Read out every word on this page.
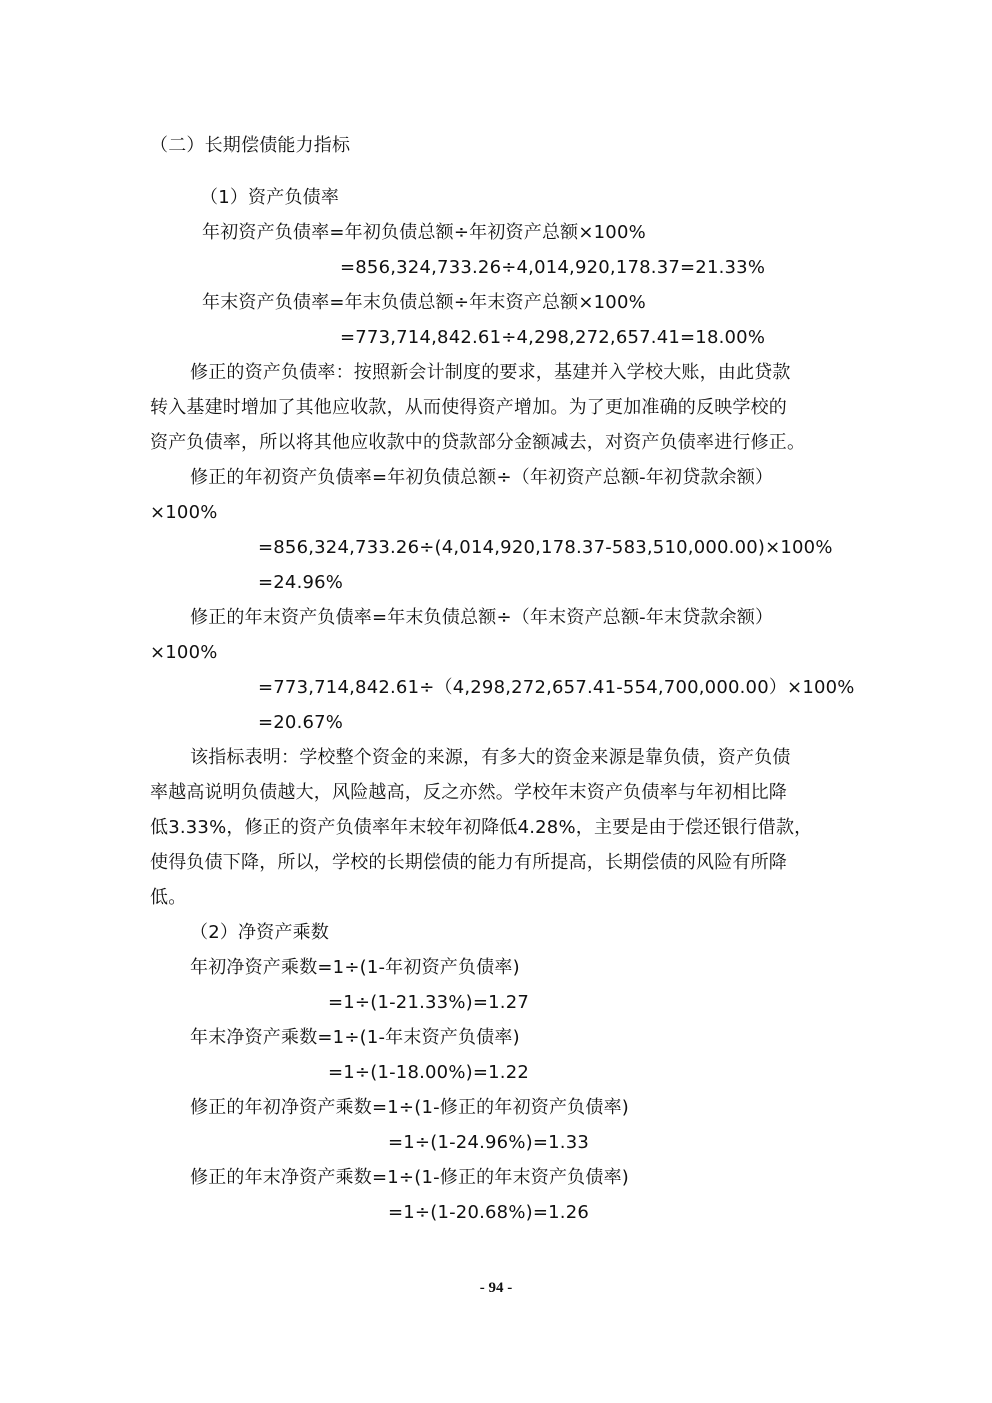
（二）长期偿债能力指标
（1）资产负债率
年初资产负债率=年初负债总额÷年初资产总额×100%
=856,324,733.26÷4,014,920,178.37=21.33%
年末资产负债率=年末负债总额÷年末资产总额×100%
=773,714,842.61÷4,298,272,657.41=18.00%
修正的资产负债率：按照新会计制度的要求，基建并入学校大账，由此贷款
转入基建时增加了其他应收款，从而使得资产增加。为了更加准确的反映学校的
资产负债率，所以将其他应收款中的贷款部分金额减去，对资产负债率进行修正。
修正的年初资产负债率=年初负债总额÷（年初资产总额-年初贷款余额）
×100%
=856,324,733.26÷(4,014,920,178.37-583,510,000.00)×100%
=24.96%
修正的年末资产负债率=年末负债总额÷（年末资产总额-年末贷款余额）
×100%
=773,714,842.61÷（4,298,272,657.41-554,700,000.00）×100%
=20.67%
该指标表明：学校整个资金的来源，有多大的资金来源是靠负债，资产负债
率越高说明负债越大，风险越高，反之亦然。学校年末资产负债率与年初相比降
低3.33%，修正的资产负债率年末较年初降低4.28%，主要是由于偿还银行借款，
使得负债下降，所以，学校的长期偿债的能力有所提高，长期偿债的风险有所降
低。
（2）净资产乘数
年初净资产乘数=1÷(1-年初资产负债率)
=1÷(1-21.33%)=1.27
年末净资产乘数=1÷(1-年末资产负债率)
=1÷(1-18.00%)=1.22
修正的年初净资产乘数=1÷(1-修正的年初资产负债率)
=1÷(1-24.96%)=1.33
修正的年末净资产乘数=1÷(1-修正的年末资产负债率)
=1÷(1-20.68%)=1.26
- 94 -
